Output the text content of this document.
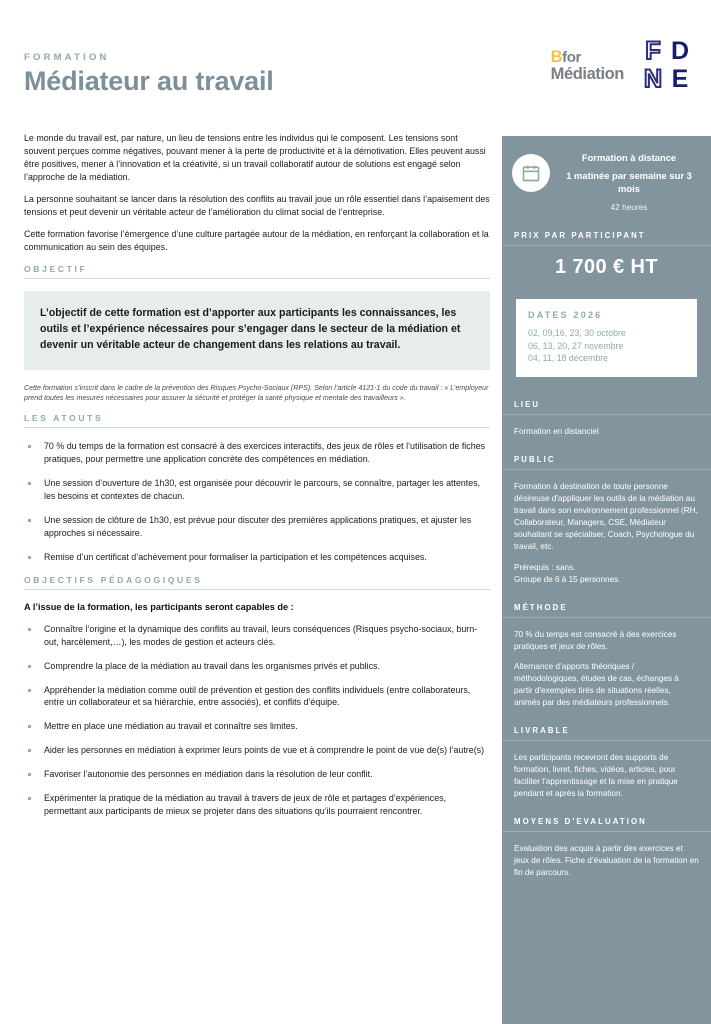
FORMATION
Médiateur au travail
Bfor
Médiation
F D
N E

Le monde du travail est, par nature, un lieu de tensions entre les individus qui le composent. Les tensions sont souvent perçues comme négatives, pouvant mener à la perte de productivité et à la démotivation. Elles peuvent aussi être positives, mener à l’innovation et la créativité, si un travail collaboratif autour de solutions est engagé selon l’approche de la médiation.

La personne souhaitant se lancer dans la résolution des conflits au travail joue un rôle essentiel dans l’apaisement des tensions et peut devenir un véritable acteur de l’amélioration du climat social de l’entreprise.

Cette formation favorise l’émergence d’une culture partagée autour de la médiation, en renforçant la collaboration et la communication au sein des équipes.

OBJECTIF
L’objectif de cette formation est d’apporter aux participants les connaissances, les outils et l’expérience nécessaires pour s’engager dans le secteur de la médiation et devenir un véritable acteur de changement dans les relations au travail.

Cette formation s’inscrit dans le cadre de la prévention des Risques Psycho-Sociaux (RPS). Selon l’article 4121-1 du code du travail : « L’employeur prend toutes les mesures nécessaires pour assurer la sécurité et protéger la santé physique et mentale des travailleurs ».

LES ATOUTS
70 % du temps de la formation est consacré à des exercices interactifs, des jeux de rôles et l’utilisation de fiches pratiques, pour permettre une application concrète des compétences en médiation.
Une session d’ouverture de 1h30, est organisée pour découvrir le parcours, se connaître, partager les attentes, les besoins et contextes de chacun.
Une session de clôture de 1h30, est prévue pour discuter des premières applications pratiques, et ajuster les approches si nécessaire.
Remise d’un certificat d’achèvement pour formaliser la participation et les compétences acquises.
OBJECTIFS PÉDAGOGIQUES
A l’issue de la formation, les participants seront capables de :
Connaître l’origine et la dynamique des conflits au travail, leurs conséquences (Risques psycho-sociaux, burn-out, harcèlement,…), les modes de gestion et acteurs clés.
Comprendre la place de la médiation au travail dans les organismes privés et publics.
Appréhender la médiation comme outil de prévention et gestion des conflits individuels (entre collaborateurs, entre un collaborateur et sa hiérarchie, entre associés), et conflits d’équipe.
Mettre en place une médiation au travail et connaître ses limites.
Aider les personnes en médiation à exprimer leurs points de vue et à comprendre le point de vue de(s) l’autre(s)
Favoriser l’autonomie des personnes en médiation dans la résolution de leur conflit.
Expérimenter la pratique de la médiation au travail à travers de jeux de rôle et partages d’expériences, permettant aux participants de mieux se projeter dans des situations qu’ils pourraient rencontrer.
Formation à distance
1 matinée par semaine sur 3 mois
42 heures
PRIX PAR PARTICIPANT
1 700 € HT
DATES 2026
02, 09,16, 23, 30 octobre
06, 13, 20, 27 novembre
04, 11, 18 décembre
LIEU

Formation en distanciel

PUBLIC

Formation à destination de toute personne désireuse d'appliquer les outils de la médiation au travail dans son environnement professionnel (RH, Collaborateur, Managers, CSE, Médiateur souhaitant se spécialiser, Coach, Psychologue du travail, etc.

Prérequis : sans.

Groupe de 6 à 15 personnes.

MÉTHODE

70 % du temps est consacré à des exercices pratiques et jeux de rôles.

Alternance d’apports théoriques / méthodologiques, études de cas, échanges à partir d'exemples tirés de situations réelles, animés par des médiateurs professionnels.

LIVRABLE

Les participants recevront des supports de formation, livret, fiches, vidéos, articles, pour faciliter l’apprentissage et la mise en pratique pendant et après la formation.

MOYENS D'EVALUATION

Evaluation des acquis à partir des exercices et jeux de rôles. Fiche d’évaluation de la formation en fin de parcours.
